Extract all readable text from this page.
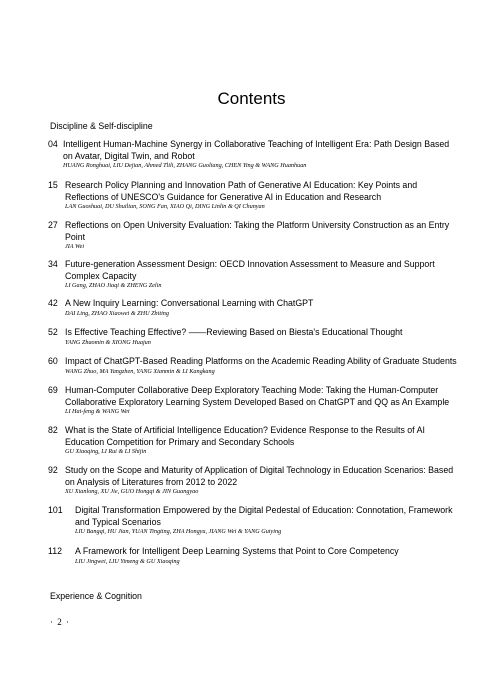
Contents
Discipline & Self-discipline
04 Intelligent Human-Machine Synergy in Collaborative Teaching of Intelligent Era: Path Design Based on Avatar, Digital Twin, and Robot
HUANG Ronghuai, LIU Dejian, Ahmed Tlili, ZHANG Guoliang, CHEN Ying & WANG Huanhuan
15 Research Policy Planning and Innovation Path of Generative AI Education: Key Points and Reflections of UNESCO's Guidance for Generative AI in Education and Research
LAN Guoshuai, DU Shuilian, SONG Fan, XIAO Qi, DING Linlin & QI Chunyan
27 Reflections on Open University Evaluation: Taking the Platform University Construction as an Entry Point
JIA Wei
34 Future-generation Assessment Design: OECD Innovation Assessment to Measure and Support Complex Capacity
LI Gang, ZHAO Jiaqi & ZHENG Zelin
42 A New Inquiry Learning: Conversational Learning with ChatGPT
DAI Ling, ZHAO Xiaowei & ZHU Zhiting
52 Is Effective Teaching Effective? ——Reviewing Based on Biesta's Educational Thought
YANG Zhaomin & XIONG Huajun
60 Impact of ChatGPT-Based Reading Platforms on the Academic Reading Ability of Graduate Students
WANG Zhuo, MA Yangzhen, YANG Xianmin & LI Kangkang
69 Human-Computer Collaborative Deep Exploratory Teaching Mode: Taking the Human-Computer Collaborative Exploratory Learning System Developed Based on ChatGPT and QQ as An Example
LI Hai-feng & WANG Wei
82 What is the State of Artificial Intelligence Education? Evidence Response to the Results of AI Education Competition for Primary and Secondary Schools
GU Xiaoqing, LI Rui & LI Shijin
92 Study on the Scope and Maturity of Application of Digital Technology in Education Scenarios: Based on Analysis of Literatures from 2012 to 2022
XU Xianlong, XU Jie, GUO Hongqi & JIN Guangyao
101 Digital Transformation Empowered by the Digital Pedestal of Education: Connotation, Framework and Typical Scenarios
LIU Bangqi, HU Jian, YUAN Tingting, ZHA Hongyu, JIANG Wei & YANG Guiying
112 A Framework for Intelligent Deep Learning Systems that Point to Core Competency
LIU Jingwei, LIU Yimeng & GU Xiaoqing
Experience & Cognition
· 2 ·
